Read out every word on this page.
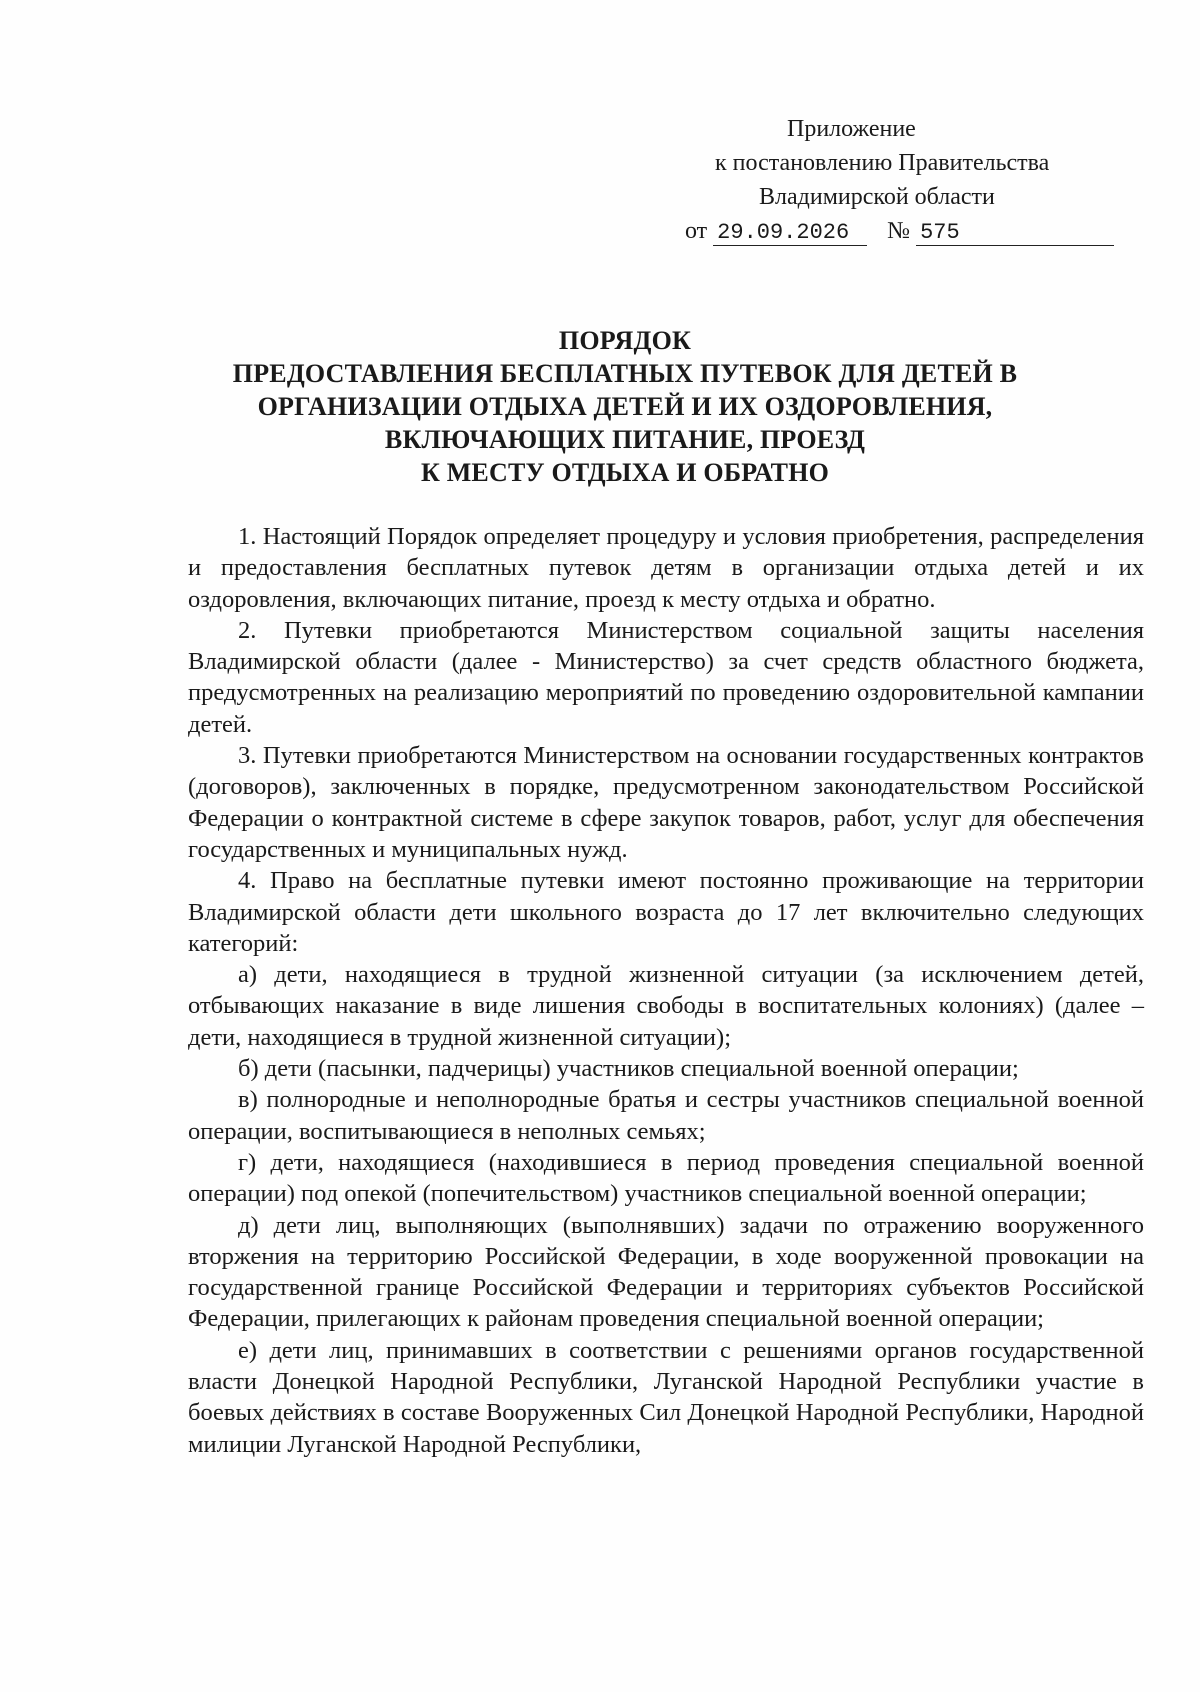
Приложение
к постановлению Правительства
Владимирской области
от 29.09.2026 № 575
ПОРЯДОК
ПРЕДОСТАВЛЕНИЯ БЕСПЛАТНЫХ ПУТЕВОК ДЛЯ ДЕТЕЙ В
ОРГАНИЗАЦИИ ОТДЫХА ДЕТЕЙ И ИХ ОЗДОРОВЛЕНИЯ,
ВКЛЮЧАЮЩИХ ПИТАНИЕ, ПРОЕЗД
К МЕСТУ ОТДЫХА И ОБРАТНО

1. Настоящий Порядок определяет процедуру и условия приобретения, распределения и предоставления бесплатных путевок детям в организации отдыха детей и их оздоровления, включающих питание, проезд к месту отдыха и обратно.

2. Путевки приобретаются Министерством социальной защиты населения Владимирской области (далее - Министерство) за счет средств областного бюджета, предусмотренных на реализацию мероприятий по проведению оздоровительной кампании детей.

3. Путевки приобретаются Министерством на основании государственных контрактов (договоров), заключенных в порядке, предусмотренном законодательством Российской Федерации о контрактной системе в сфере закупок товаров, работ, услуг для обеспечения государственных и муниципальных нужд.

4. Право на бесплатные путевки имеют постоянно проживающие на территории Владимирской области дети школьного возраста до 17 лет включительно следующих категорий:

а) дети, находящиеся в трудной жизненной ситуации (за исключением детей, отбывающих наказание в виде лишения свободы в воспитательных колониях) (далее – дети, находящиеся в трудной жизненной ситуации);

б) дети (пасынки, падчерицы) участников специальной военной операции;

в) полнородные и неполнородные братья и сестры участников специальной военной операции, воспитывающиеся в неполных семьях;

г) дети, находящиеся (находившиеся в период проведения специальной военной операции) под опекой (попечительством) участников специальной военной операции;

д) дети лиц, выполняющих (выполнявших) задачи по отражению вооруженного вторжения на территорию Российской Федерации, в ходе вооруженной провокации на государственной границе Российской Федерации и территориях субъектов Российской Федерации, прилегающих к районам проведения специальной военной операции;

е) дети лиц, принимавших в соответствии с решениями органов государственной власти Донецкой Народной Республики, Луганской Народной Республики участие в боевых действиях в составе Вооруженных Сил Донецкой Народной Республики, Народной милиции Луганской Народной Республики,
